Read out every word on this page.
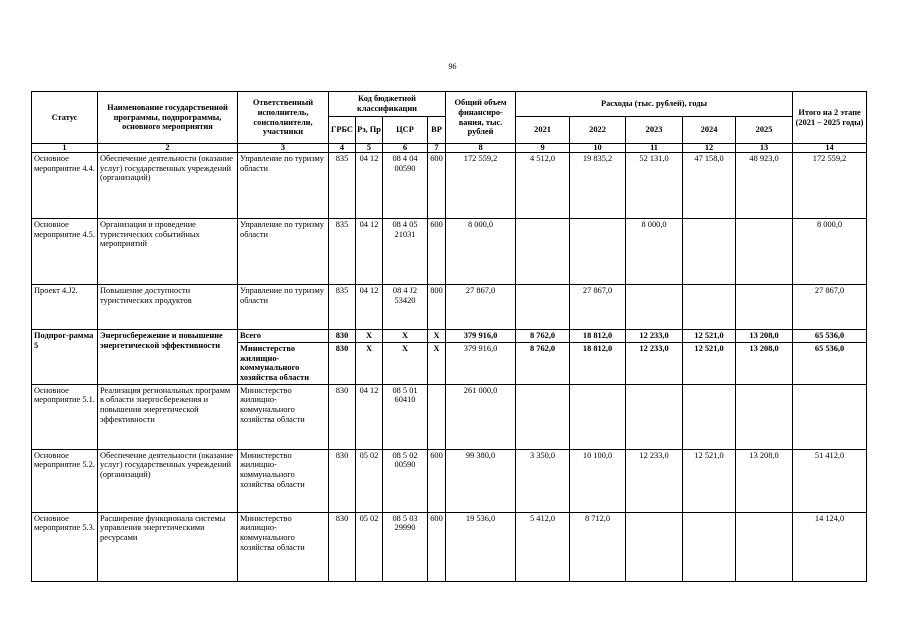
96
Статус	Наименование государственной программы, подпрограммы, основного мероприятия	Ответственный исполнитель, соисполнители, участники	Код бюджетной классификации				Общий объем финансиро-вания, тыс. рублей	Расходы (тыс. рублей), годы					Итого на 2 этапе (2021 – 2025 годы)
			ГРБС	Рз, Пр	ЦСР	ВР		2021	2022	2023	2024	2025	
1	2	3	4	5	6	7	8	9	10	11	12	13	14
Основное мероприятие 4.4.	Обеспечение деятельности (оказание услуг) государственных учреждений (организаций)	Управление по туризму области	835	04 12	08 4 04 00590	600	172 559,2	4 512,0	19 835,2	52 131,0	47 158,0	48 923,0	172 559,2
Основное мероприятие 4.5.	Организация и проведение туристических событийных мероприятий	Управление по туризму области	835	04 12	08 4 05 21031	600	8 000,0			8 000,0			8 000,0
Проект 4.J2.	Повышение доступности туристических продуктов	Управление по туризму области	835	04 12	08 4 J2 53420	800	27 867,0		27 867,0				27 867,0
Подпрог-рамма 5	Энергосбережение и повышение энергетической эффективности	Всего	830	X	X	X	379 916,0	8 762,0	18 812,0	12 233,0	12 521,0	13 208,0	65 536,0
		Министерство жилищно-коммунального хозяйства области	830	X	X	X	379 916,0	8 762,0	18 812,0	12 233,0	12 521,0	13 208,0	65 536,0
Основное мероприятие 5.1.	Реализация региональных программ в области энергосбережения и повышения энергетической эффективности	Министерство жилищно-коммунального хозяйства области	830	04 12	08 5 01 60410		261 000,0						
Основное мероприятие 5.2.	Обеспечение деятельности (оказание услуг) государственных учреждений (организаций)	Министерство жилищно-коммунального хозяйства области	830	05 02	08 5 02 00590	600	99 380,0	3 350,0	10 100,0	12 233,0	12 521,0	13 208,0	51 412,0
Основное мероприятие 5.3.	Расширение функционала системы управления энергетическими ресурсами	Министерство жилищно-коммунального хозяйства области	830	05 02	08 5 03 29990	600	19 536,0	5 412,0	8 712,0				14 124,0
